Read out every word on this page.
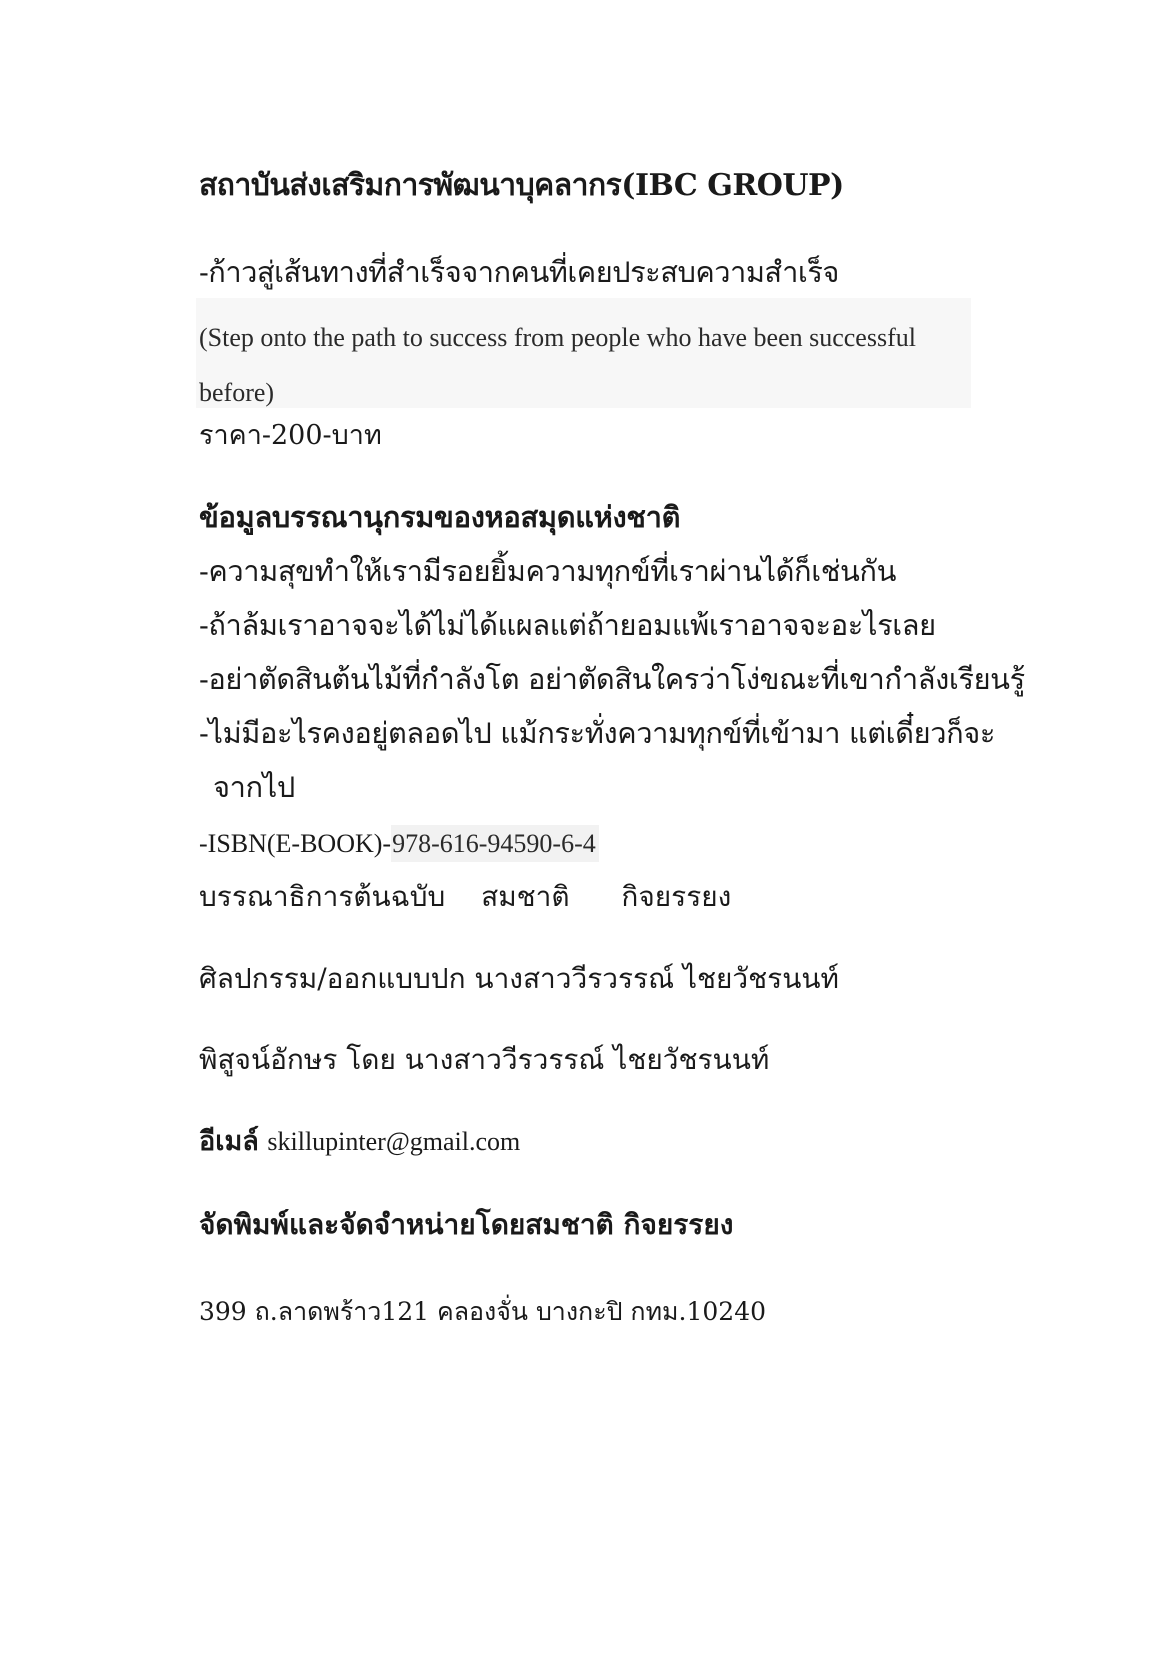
สถาบันส่งเสริมการพัฒนาบุคลากร(IBC GROUP)
-ก้าวสู่เส้นทางที่สำเร็จจากคนที่เคยประสบความสำเร็จ
(Step onto the path to success from people who have been successful before)
ราคา-200-บาท
ข้อมูลบรรณานุกรมของหอสมุดแห่งชาติ
-ความสุขทำให้เรามีรอยยิ้มความทุกข์ที่เราผ่านได้ก็เช่นกัน
-ถ้าล้มเราอาจจะได้ไม่ได้แผลแต่ถ้ายอมแพ้เราอาจจะอะไรเลย
-อย่าตัดสินต้นไม้ที่กำลังโต อย่าตัดสินใครว่าโง่ขณะที่เขากำลังเรียนรู้
-ไม่มีอะไรคงอยู่ตลอดไป แม้กระทั่งความทุกข์ที่เข้ามา แต่เดี๋ยวก็จะ
จากไป
-ISBN(E-BOOK)-978-616-94590-6-4
บรรณาธิการต้นฉบับ สมชาติ กิจยรรยง
ศิลปกรรม/ออกแบบปก นางสาววีรวรรณ์ ไชยวัชรนนท์
พิสูจน์อักษร โดย นางสาววีรวรรณ์ ไชยวัชรนนท์
อีเมล์ skillupinter@gmail.com
จัดพิมพ์และจัดจำหน่ายโดยสมชาติ กิจยรรยง
399 ถ.ลาดพร้าว121 คลองจั่น บางกะปิ กทม.10240
